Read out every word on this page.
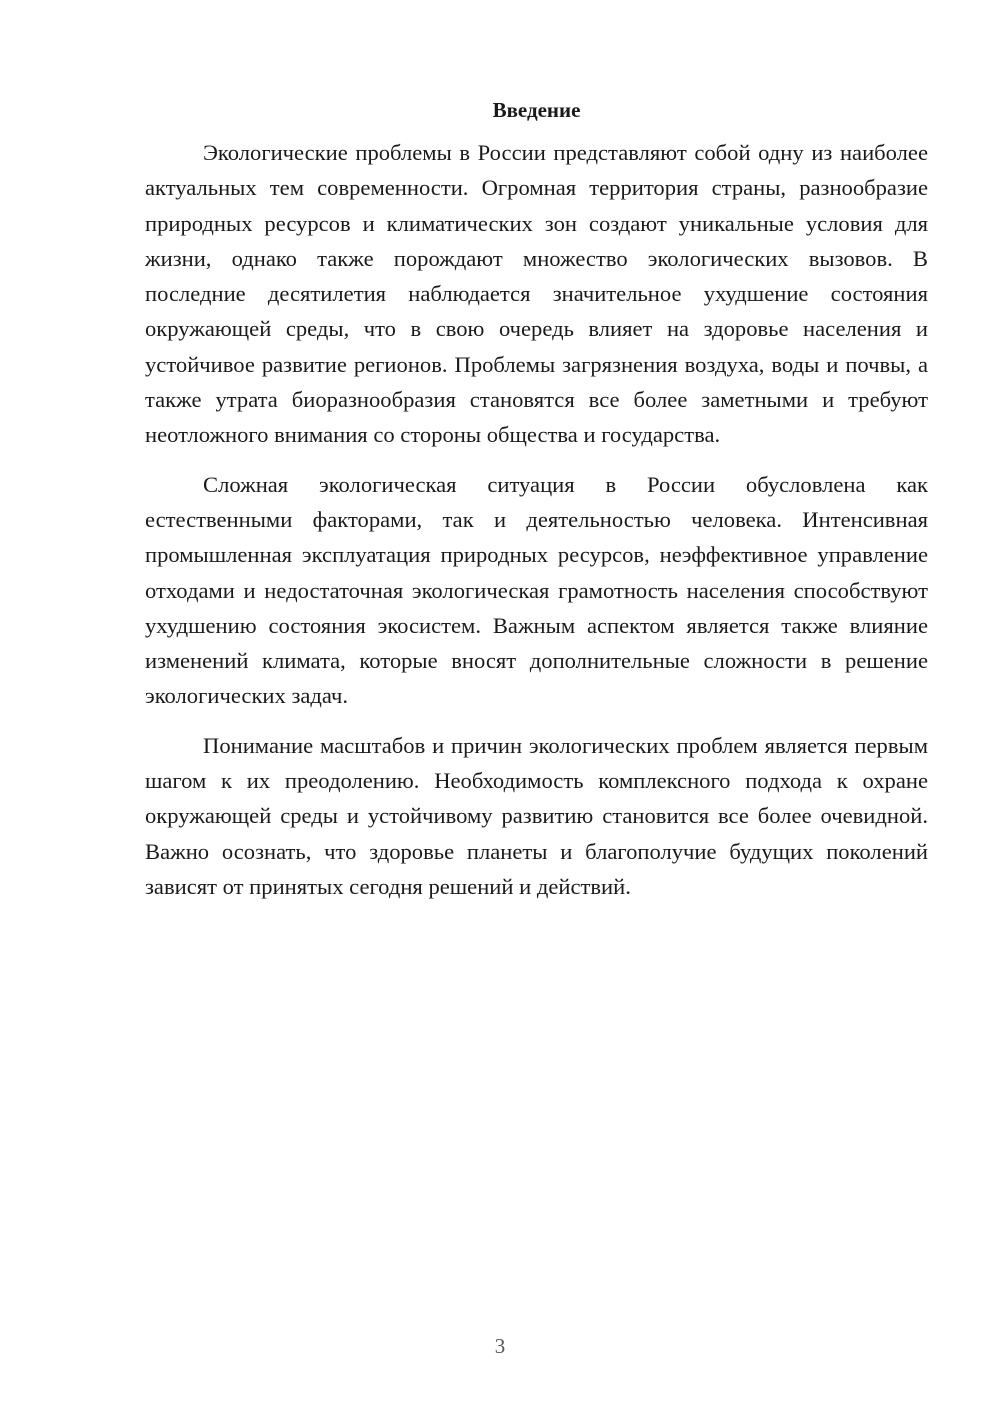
Введение

Экологические проблемы в России представляют собой одну из наиболее актуальных тем современности. Огромная территория страны, разнообразие природных ресурсов и климатических зон создают уникальные условия для жизни, однако также порождают множество экологических вызовов. В последние десятилетия наблюдается значительное ухудшение состояния окружающей среды, что в свою очередь влияет на здоровье населения и устойчивое развитие регионов. Проблемы загрязнения воздуха, воды и почвы, а также утрата биоразнообразия становятся все более заметными и требуют неотложного внимания со стороны общества и государства.

Сложная экологическая ситуация в России обусловлена как естественными факторами, так и деятельностью человека. Интенсивная промышленная эксплуатация природных ресурсов, неэффективное управление отходами и недостаточная экологическая грамотность населения способствуют ухудшению состояния экосистем. Важным аспектом является также влияние изменений климата, которые вносят дополнительные сложности в решение экологических задач.

Понимание масштабов и причин экологических проблем является первым шагом к их преодолению. Необходимость комплексного подхода к охране окружающей среды и устойчивому развитию становится все более очевидной. Важно осознать, что здоровье планеты и благополучие будущих поколений зависят от принятых сегодня решений и действий.

3
